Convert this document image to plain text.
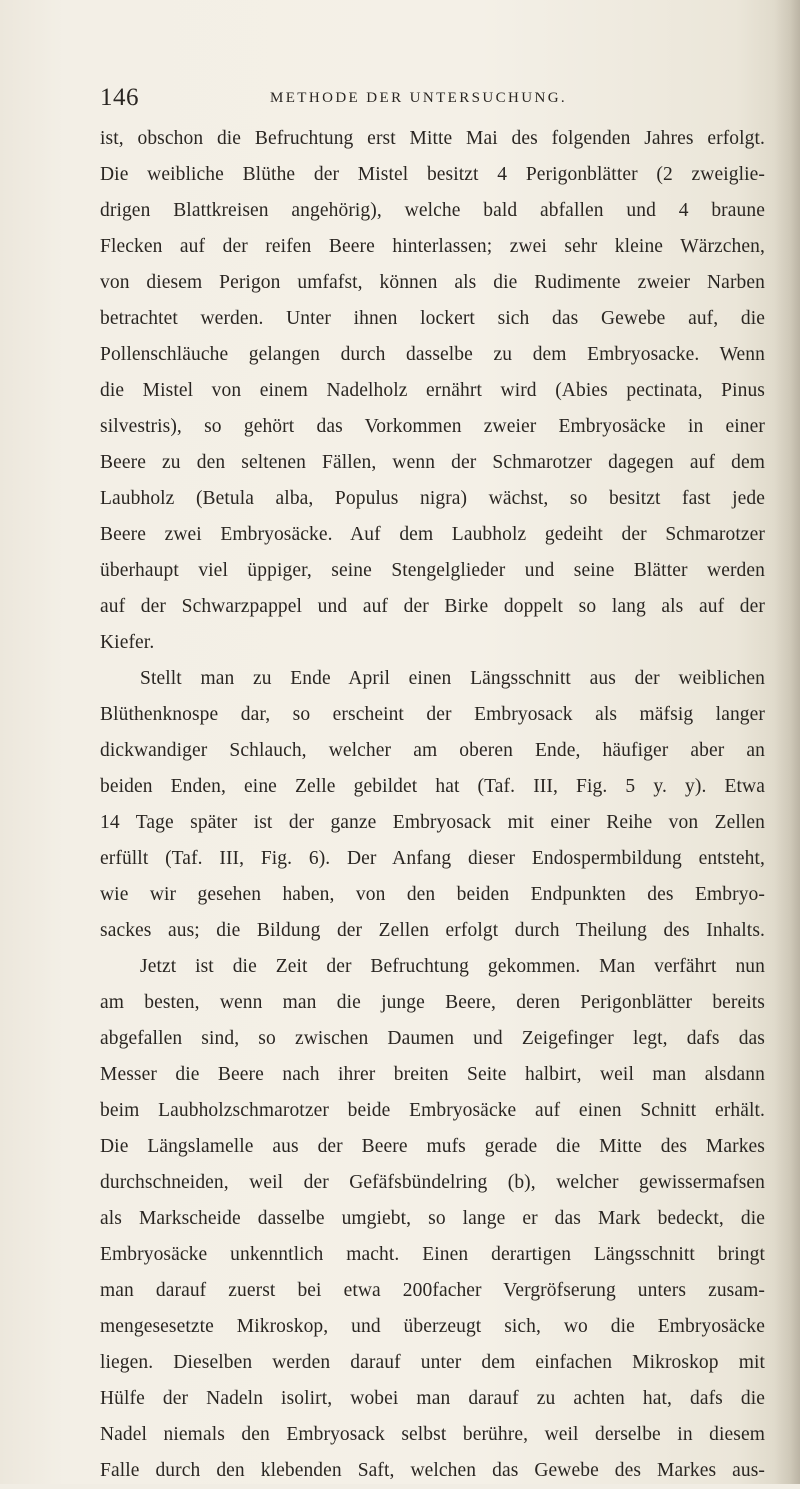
146	METHODE DER UNTERSUCHUNG.
ist, obschon die Befruchtung erst Mitte Mai des folgenden Jahres erfolgt.
Die weibliche Blüthe der Mistel besitzt 4 Perigonblätter (2 zweiglie-
drigen Blattkreisen angehörig), welche bald abfallen und 4 braune
Flecken auf der reifen Beere hinterlassen; zwei sehr kleine Wärzchen,
von diesem Perigon umfafst, können als die Rudimente zweier Narben
betrachtet werden. Unter ihnen lockert sich das Gewebe auf, die
Pollenschläuche gelangen durch dasselbe zu dem Embryosacke. Wenn
die Mistel von einem Nadelholz ernährt wird (Abies pectinata, Pinus
silvestris), so gehört das Vorkommen zweier Embryosäcke in einer
Beere zu den seltenen Fällen, wenn der Schmarotzer dagegen auf dem
Laubholz (Betula alba, Populus nigra) wächst, so besitzt fast jede
Beere zwei Embryosäcke. Auf dem Laubholz gedeiht der Schmarotzer
überhaupt viel üppiger, seine Stengelglieder und seine Blätter werden
auf der Schwarzpappel und auf der Birke doppelt so lang als auf der
Kiefer.
Stellt man zu Ende April einen Längsschnitt aus der weiblichen
Blüthenknospe dar, so erscheint der Embryosack als mäfsig langer
dickwandiger Schlauch, welcher am oberen Ende, häufiger aber an
beiden Enden, eine Zelle gebildet hat (Taf. III, Fig. 5 y. y). Etwa
14 Tage später ist der ganze Embryosack mit einer Reihe von Zellen
erfüllt (Taf. III, Fig. 6). Der Anfang dieser Endospermbildung entsteht,
wie wir gesehen haben, von den beiden Endpunkten des Embryo-
sackes aus; die Bildung der Zellen erfolgt durch Theilung des Inhalts.
Jetzt ist die Zeit der Befruchtung gekommen. Man verfährt nun
am besten, wenn man die junge Beere, deren Perigonblätter bereits
abgefallen sind, so zwischen Daumen und Zeigefinger legt, dafs das
Messer die Beere nach ihrer breiten Seite halbirt, weil man alsdann
beim Laubholzschmarotzer beide Embryosäcke auf einen Schnitt erhält.
Die Längslamelle aus der Beere mufs gerade die Mitte des Markes
durchschneiden, weil der Gefäfsbündelring (b), welcher gewissermafsen
als Markscheide dasselbe umgiebt, so lange er das Mark bedeckt, die
Embryosäcke unkenntlich macht. Einen derartigen Längsschnitt bringt
man darauf zuerst bei etwa 200facher Vergröfserung unters zusam-
mengesesetzte Mikroskop, und überzeugt sich, wo die Embryosäcke
liegen. Dieselben werden darauf unter dem einfachen Mikroskop mit
Hülfe der Nadeln isolirt, wobei man darauf zu achten hat, dafs die
Nadel niemals den Embryosack selbst berühre, weil derselbe in diesem
Falle durch den klebenden Saft, welchen das Gewebe des Markes aus-
